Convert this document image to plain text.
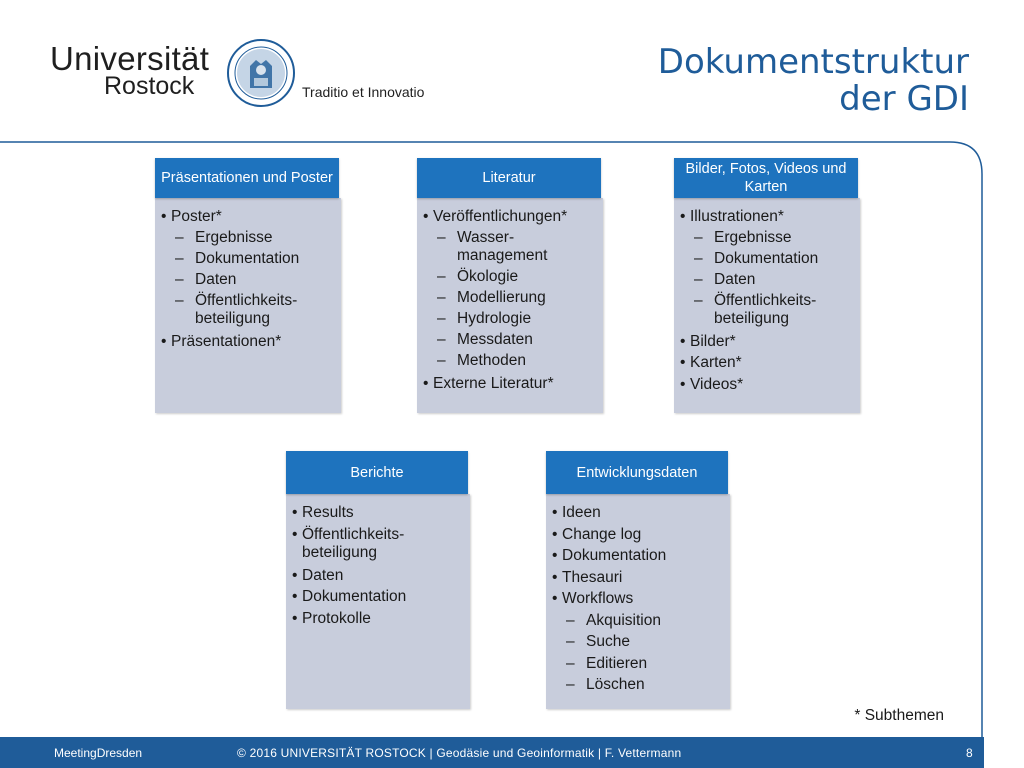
Universität
Rostock	Traditio et Innovatio
Dokumentstruktur
der GDI
Präsentationen und Poster

• Poster*

– Ergebnisse

– Dokumentation

– Daten

– Öffentlichkeits-
beteiligung

• Präsentationen*

Literatur

• Veröffentlichungen*

– Wasser-
management

– Ökologie

– Modellierung

– Hydrologie

– Messdaten

– Methoden

• Externe Literatur*

Bilder, Fotos, Videos und Karten

• Illustrationen*

– Ergebnisse

– Dokumentation

– Daten

– Öffentlichkeits-
beteiligung

• Bilder*

• Karten*

• Videos*

Berichte

• Results

• Öffentlichkeits-
beteiligung

• Daten

• Dokumentation

• Protokolle

Entwicklungsdaten

• Ideen

• Change log

• Dokumentation

• Thesauri

• Workflows

– Akquisition

– Suche

– Editieren

– Löschen

* Subthemen
MeetingDresden	© 2016 UNIVERSITÄT ROSTOCK | Geodäsie und Geoinformatik | F. Vettermann	8
